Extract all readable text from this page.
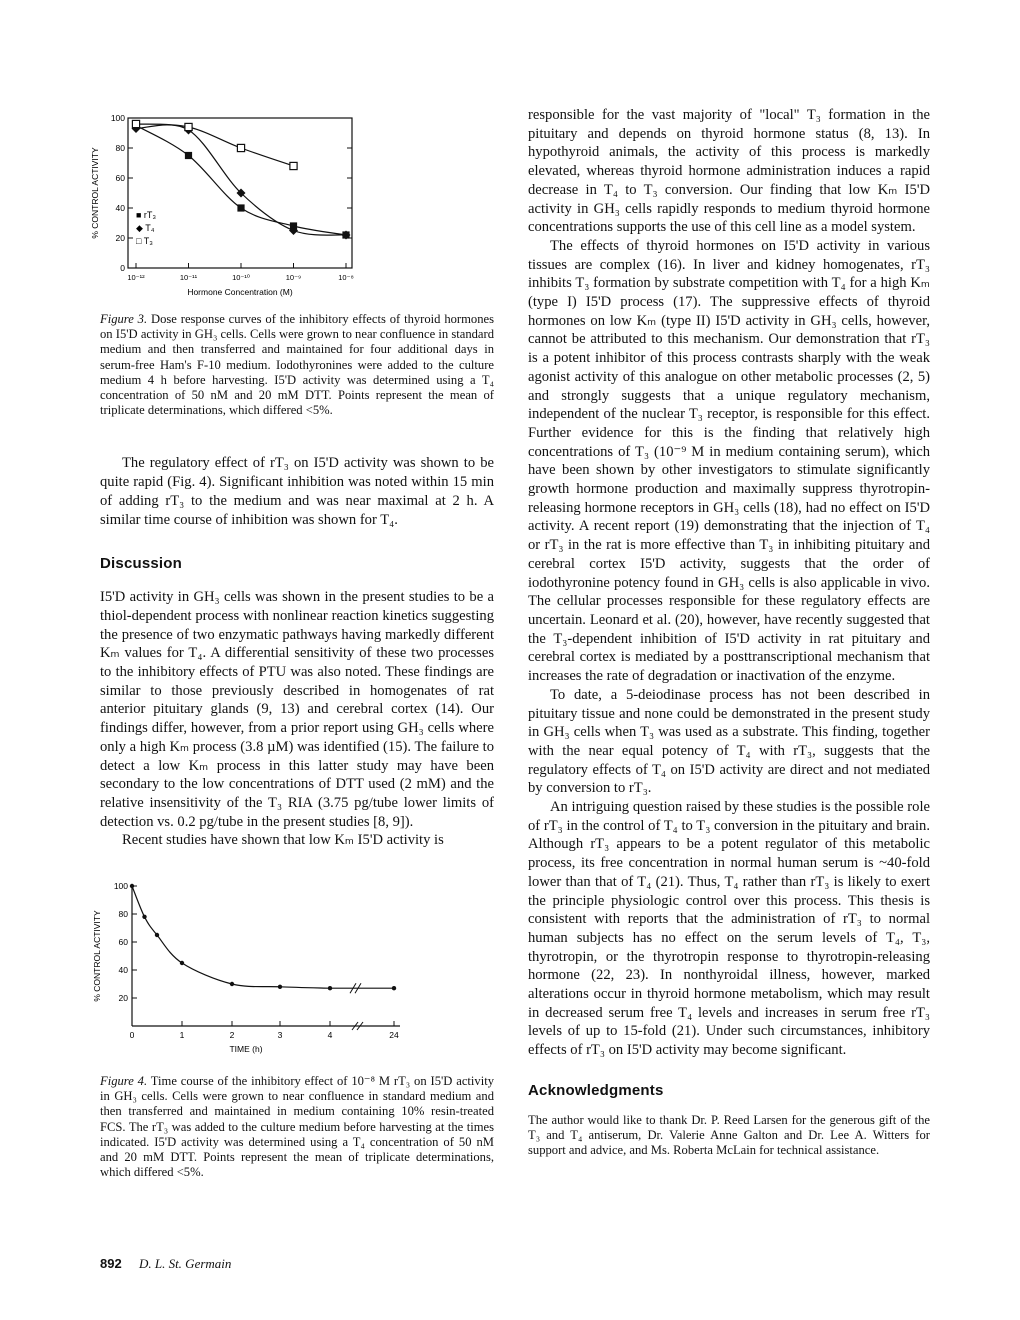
0
20
40
60
80
100
10⁻¹²	10⁻¹¹	10⁻¹⁰	10⁻⁹	10⁻⁸
Hormone Concentration (M)
% CONTROL ACTIVITY	■ rT₃
◆ T₄
□ T₃

Figure 3. Dose response curves of the inhibitory effects of thyroid hormones on I5'D activity in GH₃ cells. Cells were grown to near confluence in standard medium and then transferred and maintained for four additional days in serum-free Ham's F-10 medium. Iodothyronines were added to the culture medium 4 h before harvesting. I5'D activity was determined using a T₄ concentration of 50 nM and 20 mM DTT. Points represent the mean of triplicate determinations, which differed <5%.

The regulatory effect of rT₃ on I5'D activity was shown to be quite rapid (Fig. 4). Significant inhibition was noted within 15 min of adding rT₃ to the medium and was near maximal at 2 h. A similar time course of inhibition was shown for T₄.

Discussion

I5'D activity in GH₃ cells was shown in the present studies to be a thiol-dependent process with nonlinear reaction kinetics suggesting the presence of two enzymatic pathways having markedly different Kₘ values for T₄. A differential sensitivity of these two processes to the inhibitory effects of PTU was also noted. These findings are similar to those previously described in homogenates of rat anterior pituitary glands (9, 13) and cerebral cortex (14). Our findings differ, however, from a prior report using GH₃ cells where only a high Kₘ process (3.8 µM) was identified (15). The failure to detect a low Kₘ process in this latter study may have been secondary to the low concentrations of DTT used (2 mM) and the relative insensitivity of the T₃ RIA (3.75 pg/tube lower limits of detection vs. 0.2 pg/tube in the present studies [8, 9]).

Recent studies have shown that low Kₘ I5'D activity is

20
40
60
80
100
0	1	2	3	4	24
TIME (h)
% CONTROL ACTIVITY

Figure 4. Time course of the inhibitory effect of 10⁻⁸ M rT₃ on I5'D activity in GH₃ cells. Cells were grown to near confluence in standard medium and then transferred and maintained in medium containing 10% resin-treated FCS. The rT₃ was added to the culture medium before harvesting at the times indicated. I5'D activity was determined using a T₄ concentration of 50 nM and 20 mM DTT. Points represent the mean of triplicate determinations, which differed <5%.

responsible for the vast majority of "local" T₃ formation in the pituitary and depends on thyroid hormone status (8, 13). In hypothyroid animals, the activity of this process is markedly elevated, whereas thyroid hormone administration induces a rapid decrease in T₄ to T₃ conversion. Our finding that low Kₘ I5'D activity in GH₃ cells rapidly responds to medium thyroid hormone concentrations supports the use of this cell line as a model system.

The effects of thyroid hormones on I5'D activity in various tissues are complex (16). In liver and kidney homogenates, rT₃ inhibits T₃ formation by substrate competition with T₄ for a high Kₘ (type I) I5'D process (17). The suppressive effects of thyroid hormones on low Kₘ (type II) I5'D activity in GH₃ cells, however, cannot be attributed to this mechanism. Our demonstration that rT₃ is a potent inhibitor of this process contrasts sharply with the weak agonist activity of this analogue on other metabolic processes (2, 5) and strongly suggests that a unique regulatory mechanism, independent of the nuclear T₃ receptor, is responsible for this effect. Further evidence for this is the finding that relatively high concentrations of T₃ (10⁻⁹ M in medium containing serum), which have been shown by other investigators to stimulate significantly growth hormone production and maximally suppress thyrotropin-releasing hormone receptors in GH₃ cells (18), had no effect on I5'D activity. A recent report (19) demonstrating that the injection of T₄ or rT₃ in the rat is more effective than T₃ in inhibiting pituitary and cerebral cortex I5'D activity, suggests that the order of iodothyronine potency found in GH₃ cells is also applicable in vivo. The cellular processes responsible for these regulatory effects are uncertain. Leonard et al. (20), however, have recently suggested that the T₃-dependent inhibition of I5'D activity in rat pituitary and cerebral cortex is mediated by a posttranscriptional mechanism that increases the rate of degradation or inactivation of the enzyme.

To date, a 5-deiodinase process has not been described in pituitary tissue and none could be demonstrated in the present study in GH₃ cells when T₃ was used as a substrate. This finding, together with the near equal potency of T₄ with rT₃, suggests that the regulatory effects of T₄ on I5'D activity are direct and not mediated by conversion to rT₃.

An intriguing question raised by these studies is the possible role of rT₃ in the control of T₄ to T₃ conversion in the pituitary and brain. Although rT₃ appears to be a potent regulator of this metabolic process, its free concentration in normal human serum is ~40-fold lower than that of T₄ (21). Thus, T₄ rather than rT₃ is likely to exert the principle physiologic control over this process. This thesis is consistent with reports that the administration of rT₃ to normal human subjects has no effect on the serum levels of T₄, T₃, thyrotropin, or the thyrotropin response to thyrotropin-releasing hormone (22, 23). In nonthyroidal illness, however, marked alterations occur in thyroid hormone metabolism, which may result in decreased serum free T₄ levels and increases in serum free rT₃ levels of up to 15-fold (21). Under such circumstances, inhibitory effects of rT₃ on I5'D activity may become significant.

Acknowledgments

The author would like to thank Dr. P. Reed Larsen for the generous gift of the T₃ and T₄ antiserum, Dr. Valerie Anne Galton and Dr. Lee A. Witters for support and advice, and Ms. Roberta McLain for technical assistance.

892 D. L. St. Germain
